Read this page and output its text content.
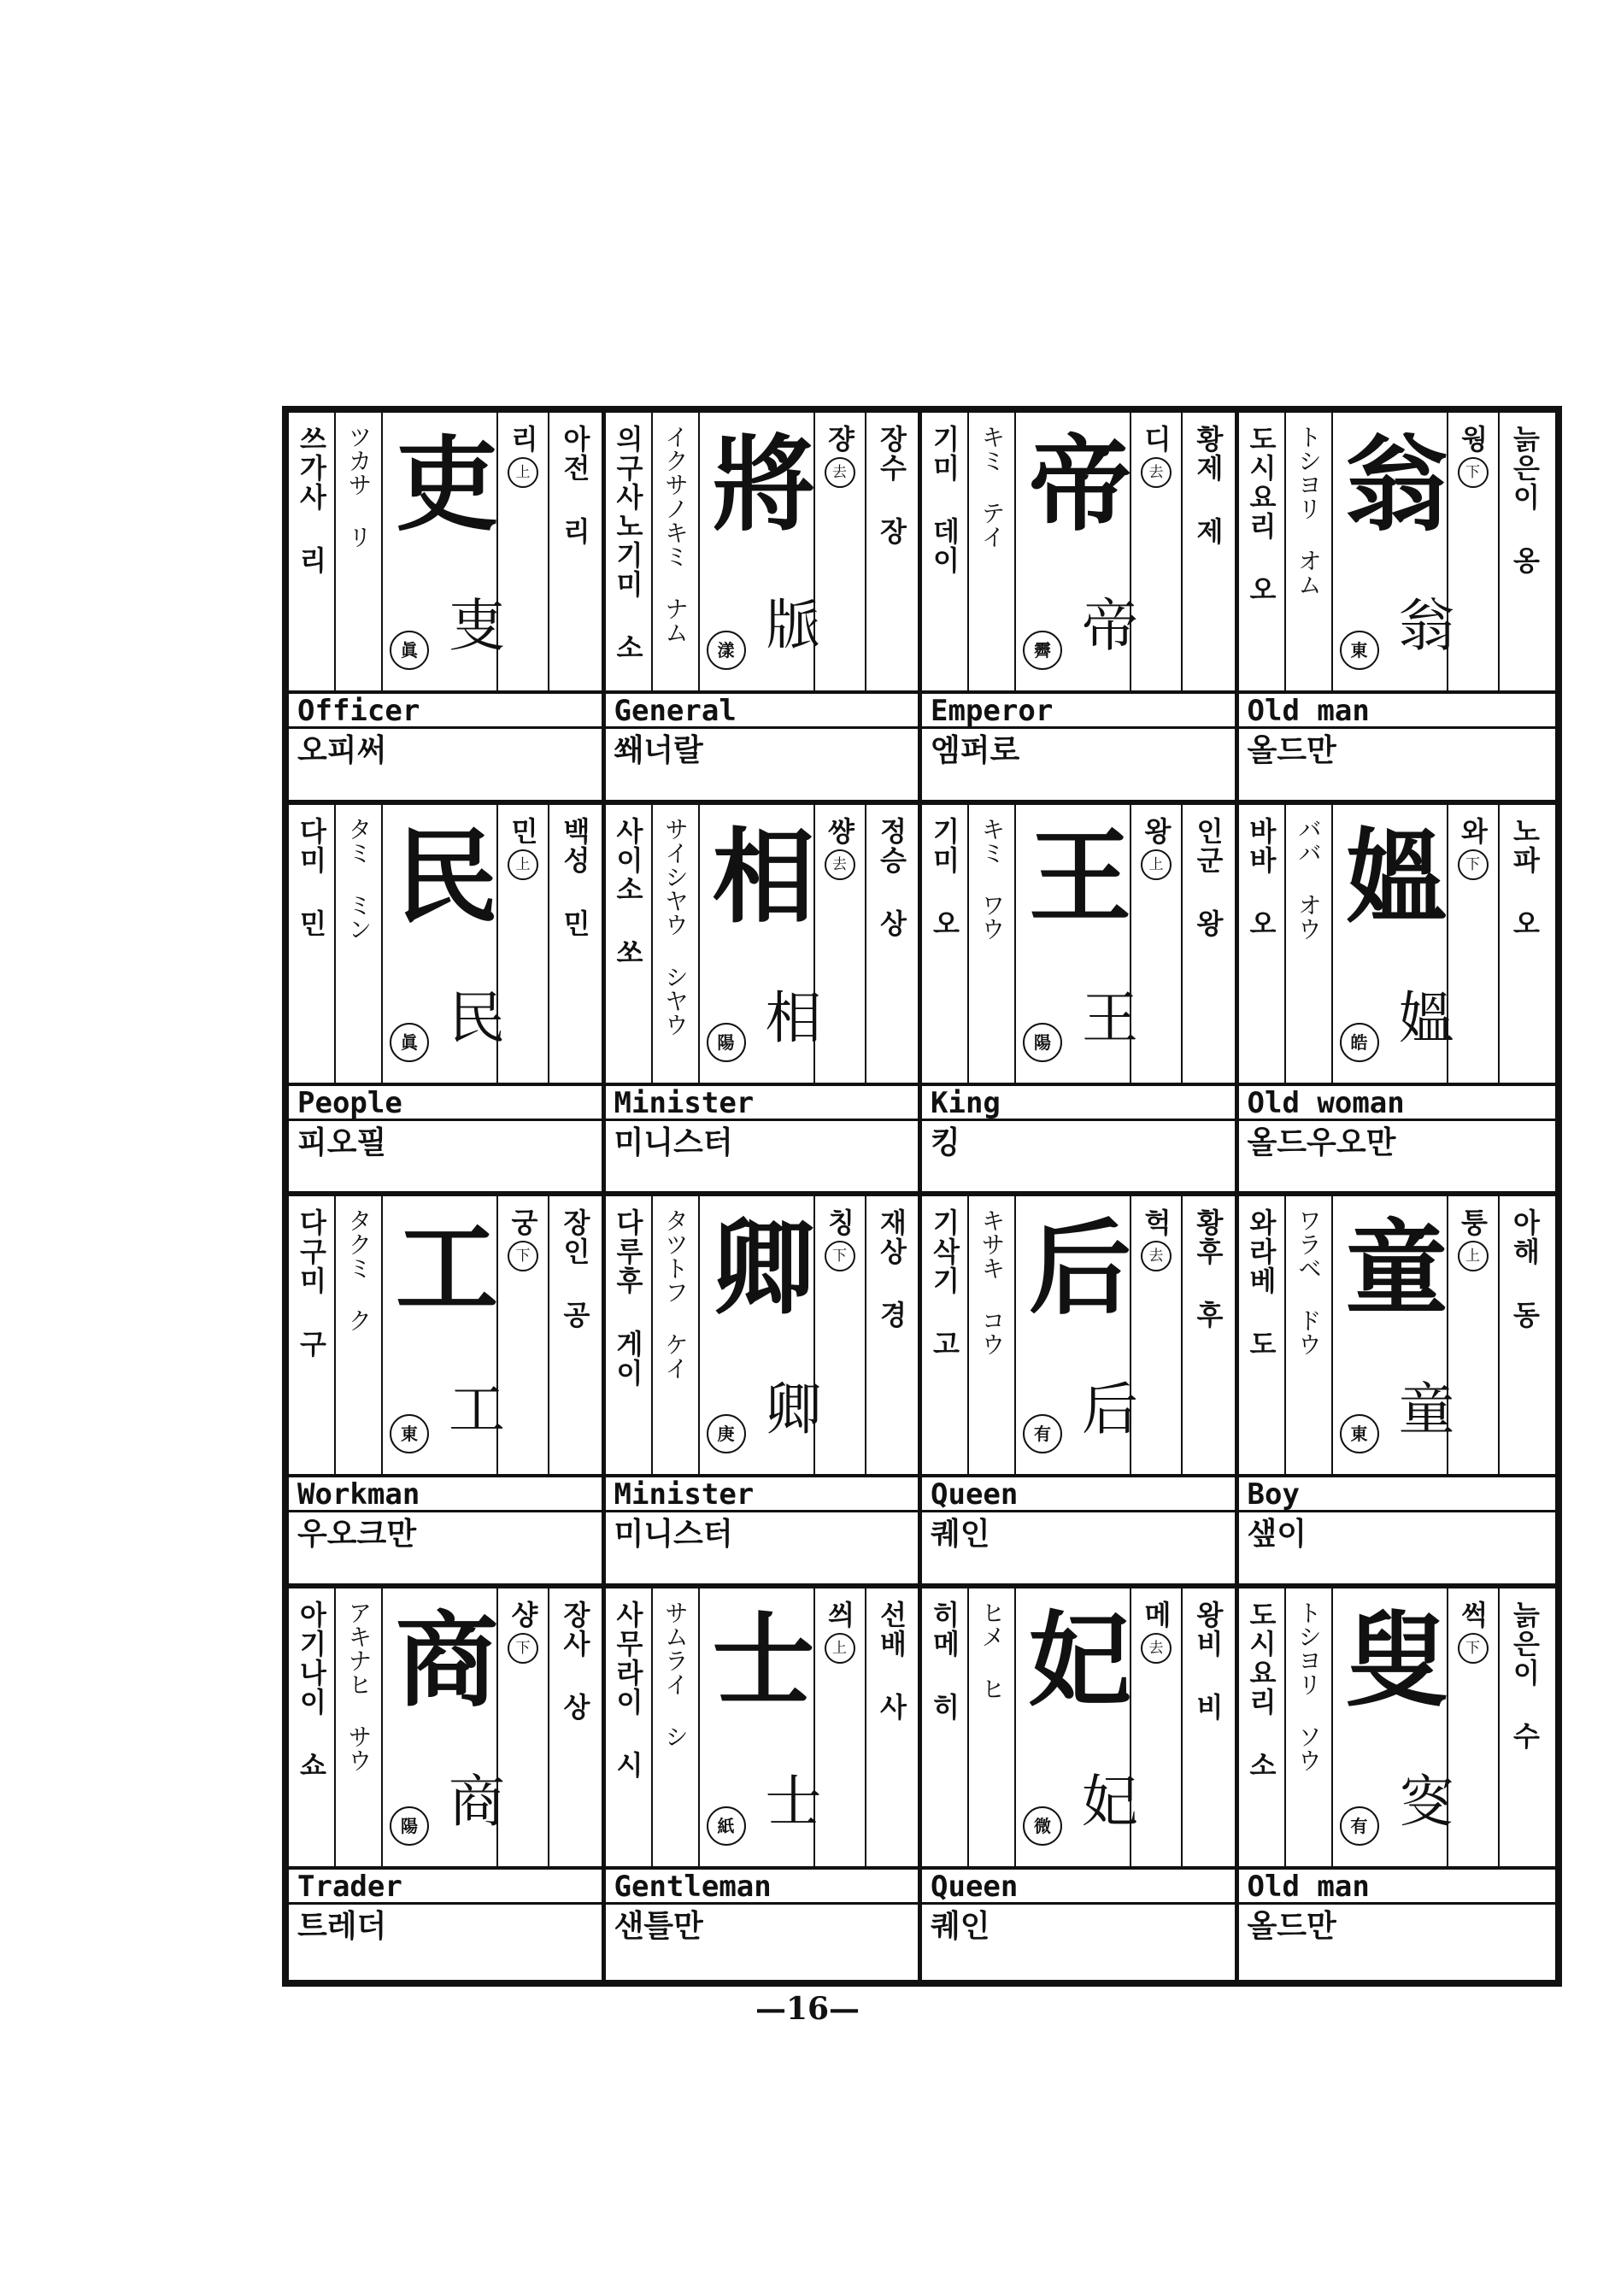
쓰가사 리 ツカサ リ	리
上 아전 리
吏
叓
眞
Officer
오피써
의구사노기미 소 イクサノキミ ナム	쟝
去 장수 장
將
𤖼
漾
General
쐐너랄
기미 데이 キミ テイ	디
去 황제 제
帝
帝
霽
Emperor
엠퍼로
도시요리 오 トシヨリ オム	웡
下 늙은이 옹
翁
翁
東
Old man
올드만
다미 민 タミ ミン	민
上 백성 민
民
民
眞
People
피오필
사이소 쏘 サイシヤウ シヤウ	썅
去 정승 상
相
相
陽
Minister
미니스터
기미 오 キミ ワウ	왕
上 인군 왕
王
王
陽
King
킹
바바 오 ババ オウ	와
下 노파 오
媼
媼
皓
Old woman
올드우오만
다구미 구 タクミ ク	궁
下 장인 공
工
工
東
Workman
우오크만
다루후 게이 タツトフ ケイ	칭
下 재상 경
卿
卿
庚
Minister
미니스터
기삭기 고 キサキ コウ	헉
去 황후 후
后
后
有
Queen
퀘인
와라베 도 ワラベ ドウ	퉁
上 아해 동
童
童
東
Boy
샢이
아기나이 쇼 アキナヒ サウ	샹
下 장사 상
商
商
陽
Trader
트레더
사무라이 시 サムライ シ	씌
上 선배 사
士
士
紙
Gentleman
샌틀만
히메 히 ヒメ ヒ	메
去 왕비 비
妃
妃
微
Queen
퀘인
도시요리 소 トシヨリ ソウ	썩
下 늙은이 수
叟
叜
有
Old man
올드만
—16—
